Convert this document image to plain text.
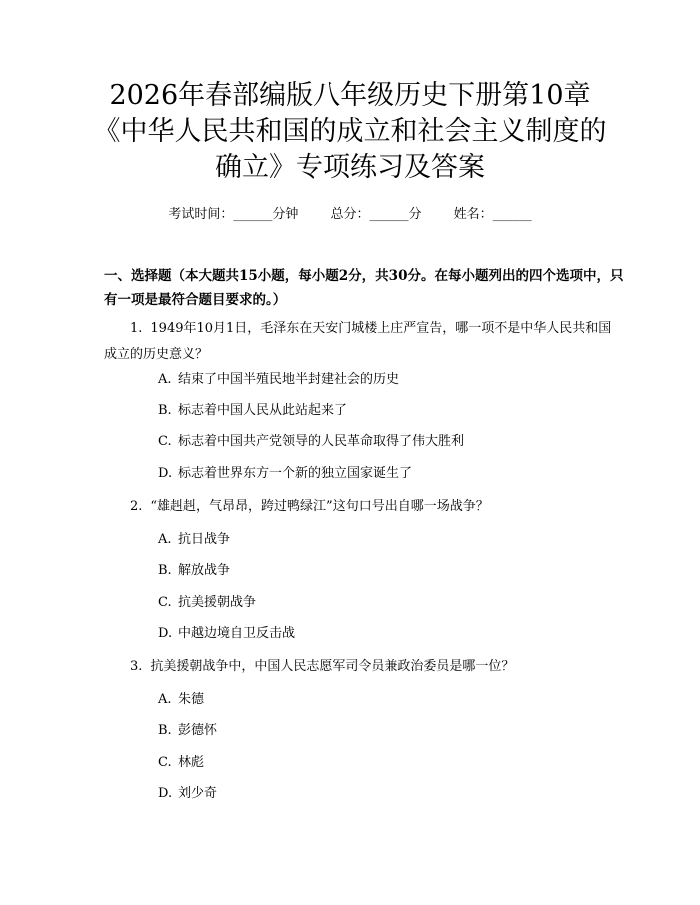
2026年春部编版八年级历史下册第10章
《中华人民共和国的成立和社会主义制度的
确立》专项练习及答案
考试时间：______分钟 总分：______分 姓名：______

一、选择题（本大题共15小题，每小题2分，共30分。在每小题列出的四个选项中，只有一项是最符合题目要求的。）

1. 1949年10月1日，毛泽东在天安门城楼上庄严宣告，哪一项不是中华人民共和国成立的历史意义？
A. 结束了中国半殖民地半封建社会的历史
B. 标志着中国人民从此站起来了
C. 标志着中国共产党领导的人民革命取得了伟大胜利
D. 标志着世界东方一个新的独立国家诞生了
2. “雄赳赳，气昂昂，跨过鸭绿江”这句口号出自哪一场战争？
A. 抗日战争
B. 解放战争
C. 抗美援朝战争
D. 中越边境自卫反击战
3. 抗美援朝战争中，中国人民志愿军司令员兼政治委员是哪一位？
A. 朱德
B. 彭德怀
C. 林彪
D. 刘少奇
